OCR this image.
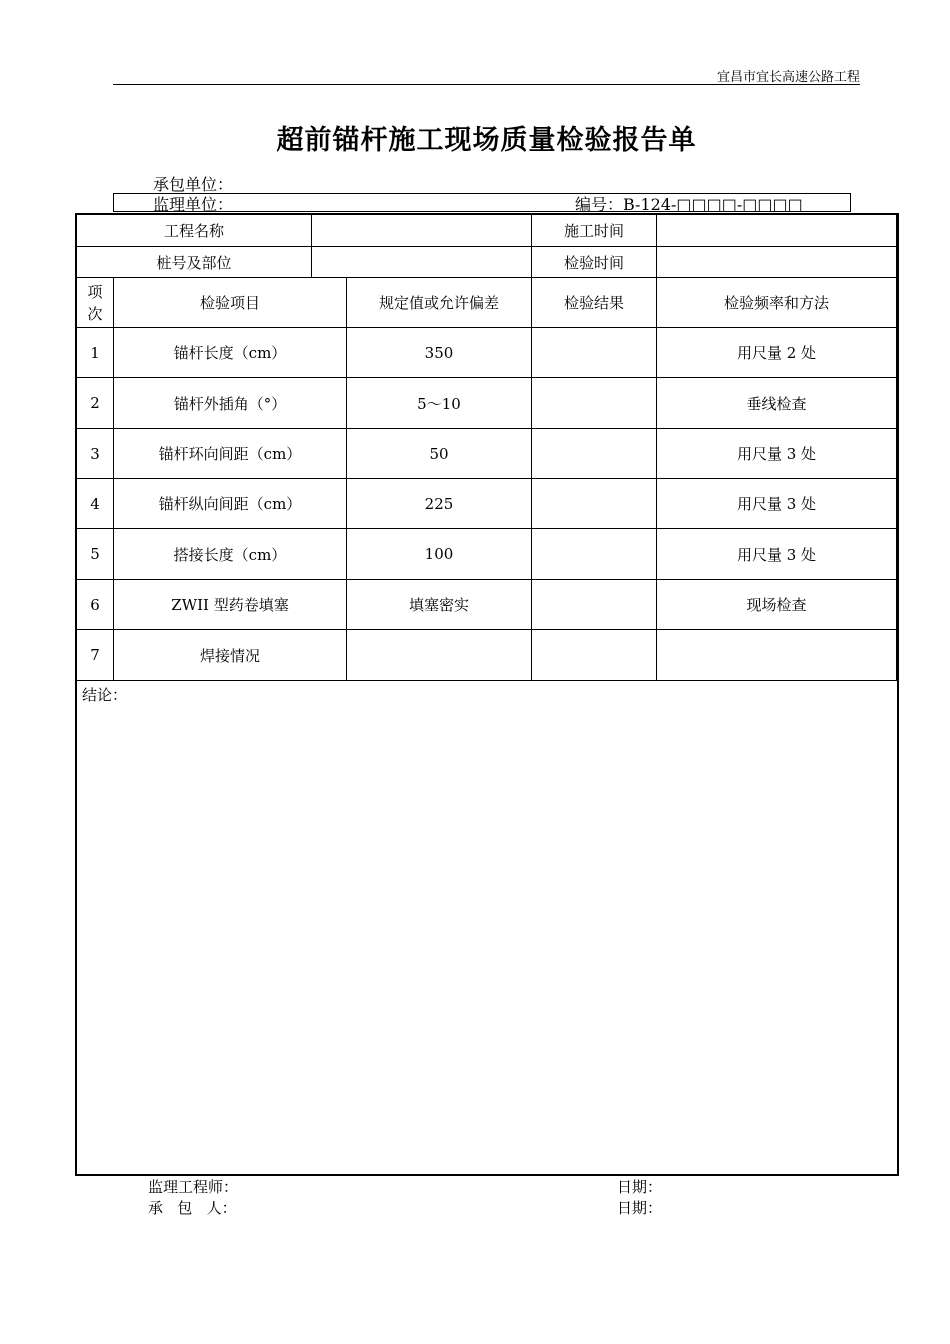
宜昌市宜长高速公路工程
超前锚杆施工现场质量检验报告单
承包单位：
监理单位：	编号：B-124-□□□□-□□□□
工程名称				施工时间	
桩号及部位				检验时间	
项次	检验项目		规定值或允许偏差	检验结果	检验频率和方法
1	锚杆长度（cm）		350		用尺量 2 处
2	锚杆外插角（°）		5～10		垂线检查
3	锚杆环向间距（cm）		50		用尺量 3 处
4	锚杆纵向间距（cm）		225		用尺量 3 处
5	搭接长度（cm）		100		用尺量 3 处
6	ZWII 型药卷填塞		填塞密实		现场检查
7	焊接情况				
结论：
监理工程师：	日期：
承   包   人：	日期：
